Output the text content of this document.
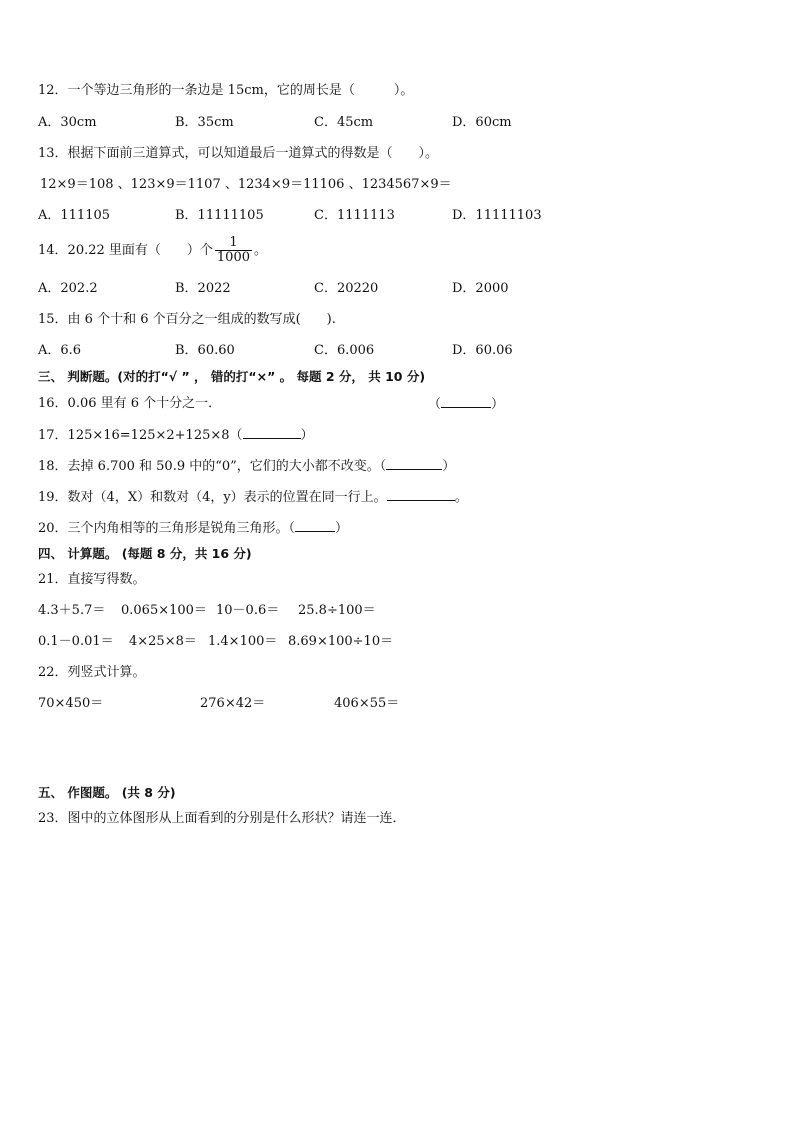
12．一个等边三角形的一条边是 15cm，它的周长是（　　　）。
A．30cm	B．35cm	C．45cm	D．60cm
13．根据下面前三道算式，可以知道最后一道算式的得数是（　　）。
12×9＝108 、123×9＝1107 、1234×9＝11106 、1234567×9＝
A．111105	B．11111105	C．1111113	D．11111103
14．20.22 里面有（　　）个 $\frac{1}{1000}$ 。
A．202.2	B．2022	C．20220	D．2000
15．由 6 个十和 6 个百分之一组成的数写成(　　).
A．6.6	B．60.60	C．6.006	D．60.06
三、 判断题。(对的打“√ ” ， 错的打“×” 。 每题 2 分， 共 10 分)
16．0.06 里有 6 个十分之一．	（	）
17．125×16=125×2+125×8（	）
18．去掉 6.700 和 50.9 中的“0”，它们的大小都不改变。（	）
19．数对（4，X）和数对（4，y）表示的位置在同一行上。	。
20．三个内角相等的三角形是锐角三角形。（	）
四、 计算题。 (每题 8 分，共 16 分)
21．直接写得数。
4.3＋5.7＝ 0.065×100＝ 10－0.6＝ 25.8÷100＝
0.1－0.01＝ 4×25×8＝ 1.4×100＝ 8.69×100÷10＝
22．列竖式计算。
70×450＝	276×42＝	406×55＝
五、 作图题。 (共 8 分)
23．图中的立体图形从上面看到的分别是什么形状？请连一连．
